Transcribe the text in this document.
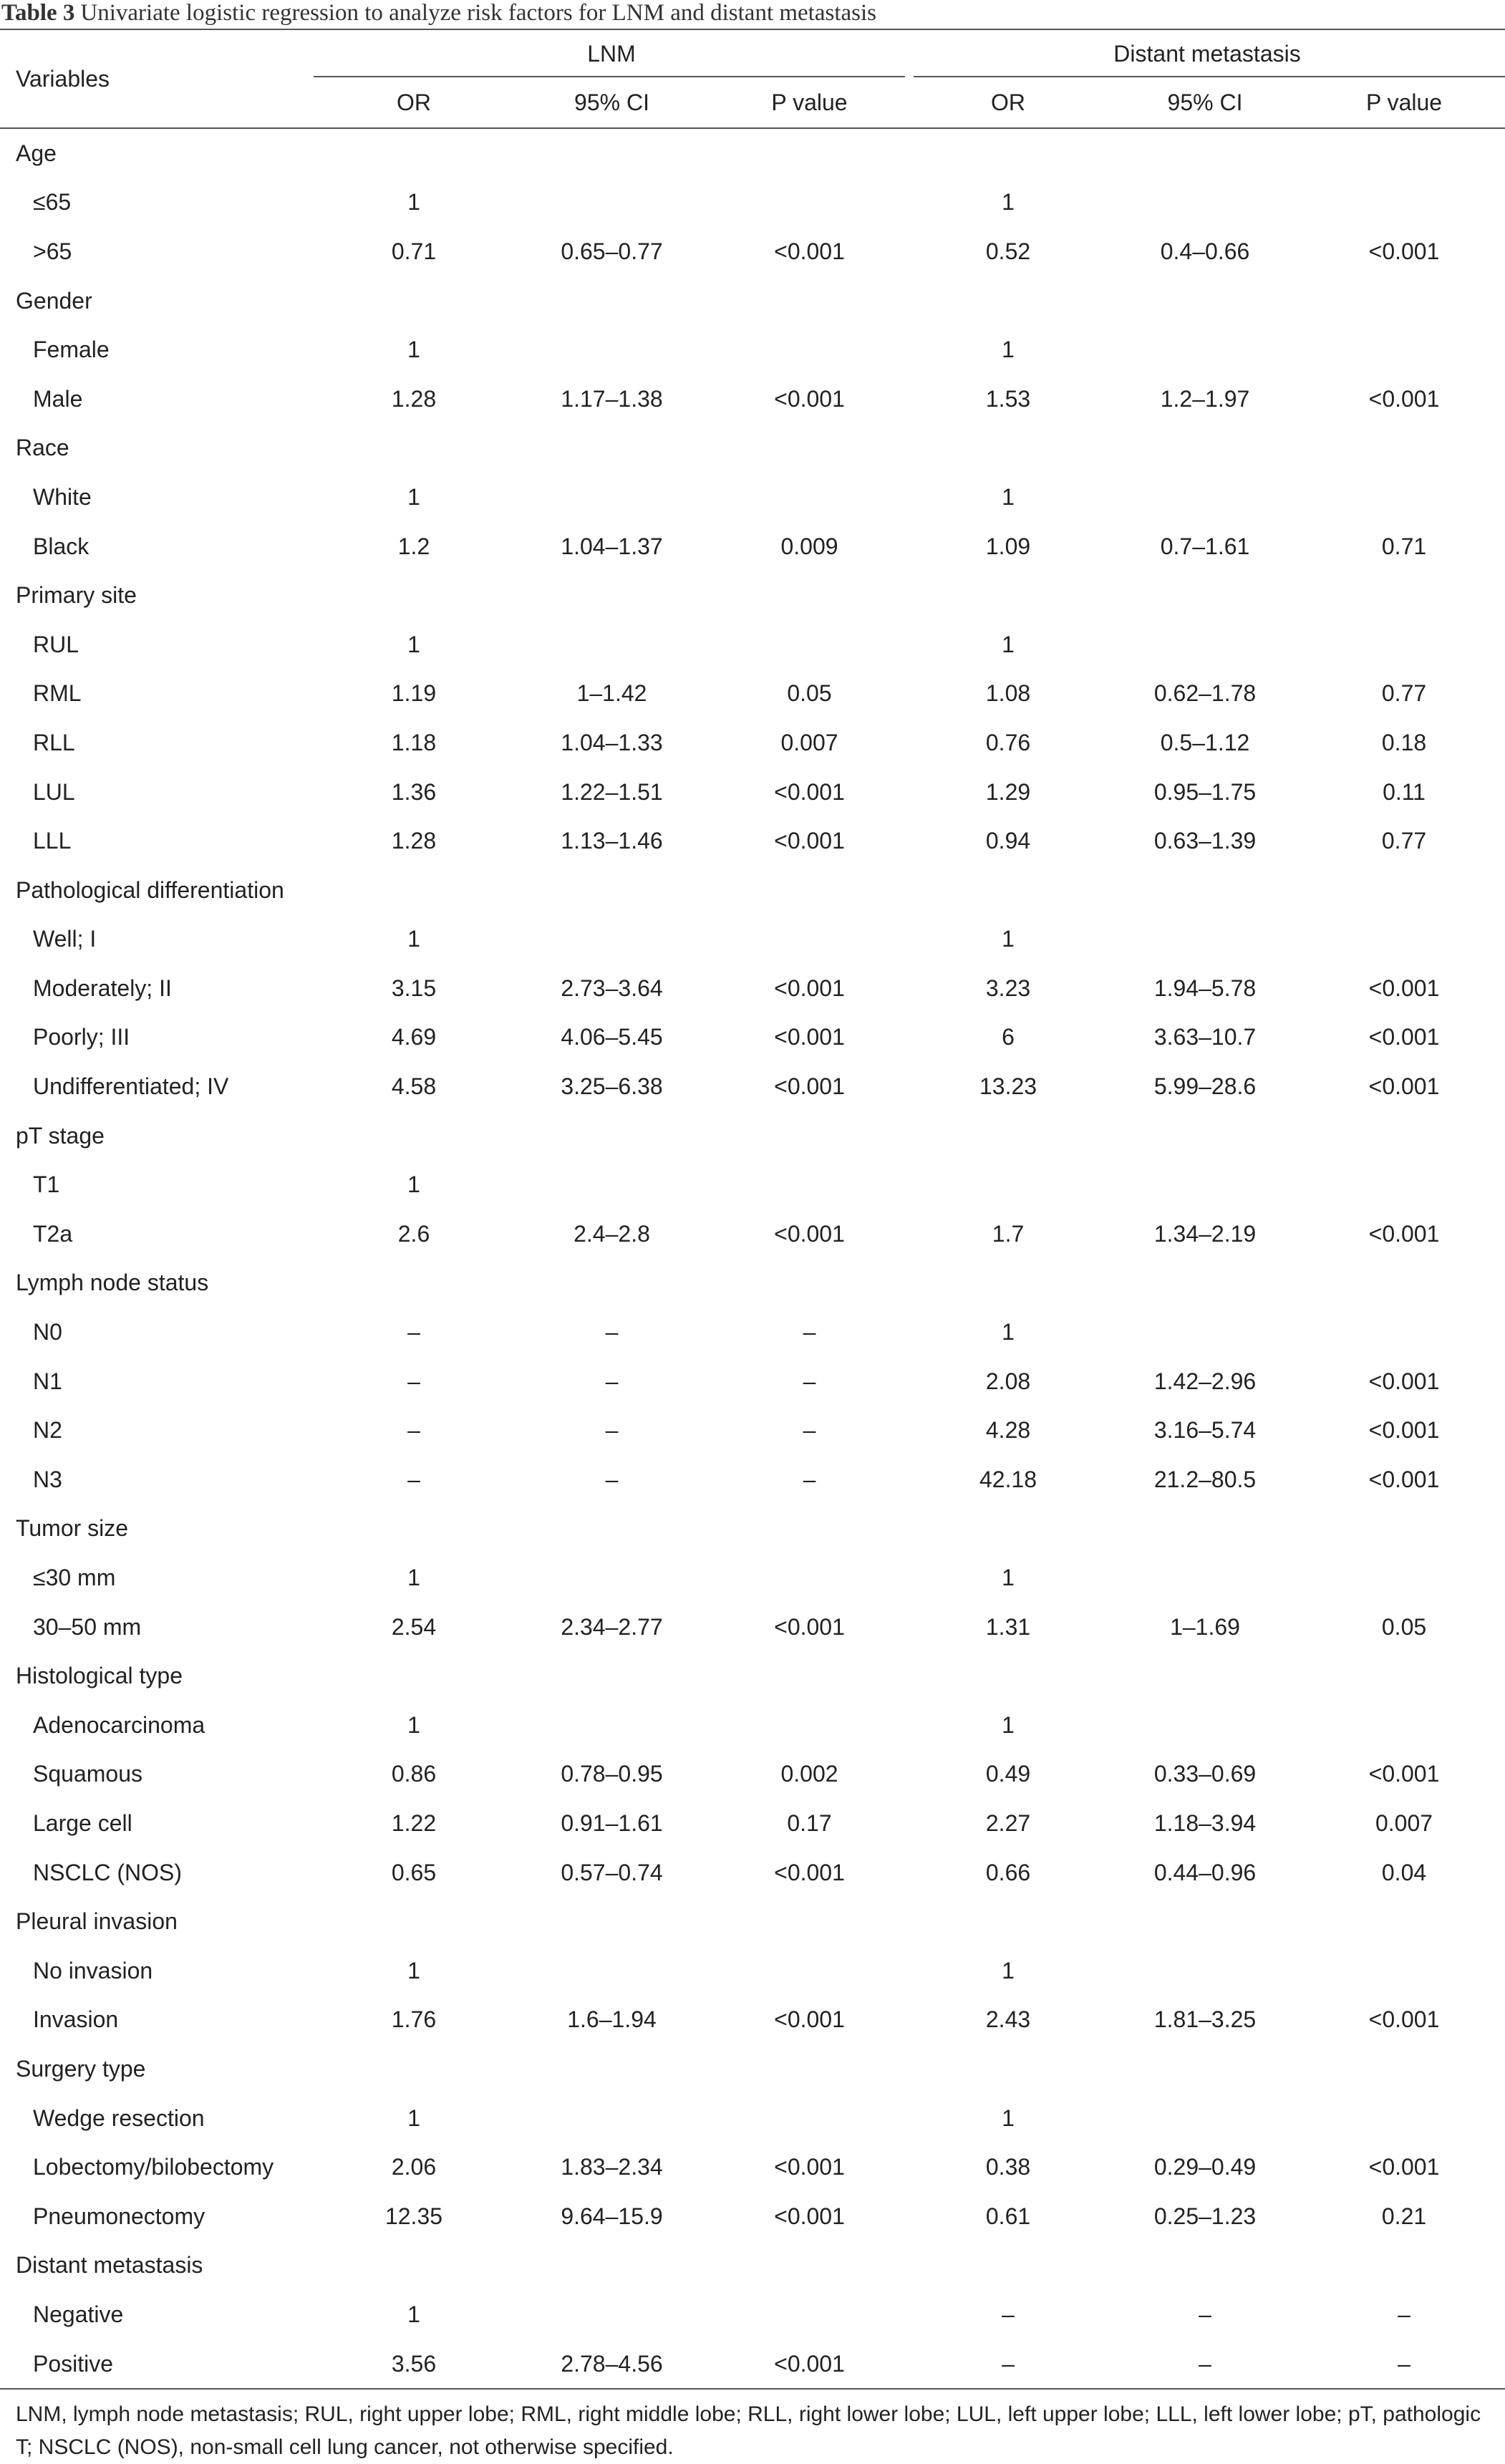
Table 3 Univariate logistic regression to analyze risk factors for LNM and distant metastasis
Variables	LNM			Distant metastasis		

	OR	95% CI	P value	OR	95% CI	P value
Age						
≤65	1			1		
>65	0.71	0.65–0.77	<0.001	0.52	0.4–0.66	<0.001
Gender						
Female	1			1		
Male	1.28	1.17–1.38	<0.001	1.53	1.2–1.97	<0.001
Race						
White	1			1		
Black	1.2	1.04–1.37	0.009	1.09	0.7–1.61	0.71
Primary site						
RUL	1			1		
RML	1.19	1–1.42	0.05	1.08	0.62–1.78	0.77
RLL	1.18	1.04–1.33	0.007	0.76	0.5–1.12	0.18
LUL	1.36	1.22–1.51	<0.001	1.29	0.95–1.75	0.11
LLL	1.28	1.13–1.46	<0.001	0.94	0.63–1.39	0.77
Pathological differentiation						
Well; I	1			1		
Moderately; II	3.15	2.73–3.64	<0.001	3.23	1.94–5.78	<0.001
Poorly; III	4.69	4.06–5.45	<0.001	6	3.63–10.7	<0.001
Undifferentiated; IV	4.58	3.25–6.38	<0.001	13.23	5.99–28.6	<0.001
pT stage						
T1	1					
T2a	2.6	2.4–2.8	<0.001	1.7	1.34–2.19	<0.001
Lymph node status						
N0	–	–	–	1		
N1	–	–	–	2.08	1.42–2.96	<0.001
N2	–	–	–	4.28	3.16–5.74	<0.001
N3	–	–	–	42.18	21.2–80.5	<0.001
Tumor size						
≤30 mm	1			1		
30–50 mm	2.54	2.34–2.77	<0.001	1.31	1–1.69	0.05
Histological type						
Adenocarcinoma	1			1		
Squamous	0.86	0.78–0.95	0.002	0.49	0.33–0.69	<0.001
Large cell	1.22	0.91–1.61	0.17	2.27	1.18–3.94	0.007
NSCLC (NOS)	0.65	0.57–0.74	<0.001	0.66	0.44–0.96	0.04
Pleural invasion						
No invasion	1			1		
Invasion	1.76	1.6–1.94	<0.001	2.43	1.81–3.25	<0.001
Surgery type						
Wedge resection	1			1		
Lobectomy/bilobectomy	2.06	1.83–2.34	<0.001	0.38	0.29–0.49	<0.001
Pneumonectomy	12.35	9.64–15.9	<0.001	0.61	0.25–1.23	0.21
Distant metastasis						
Negative	1			–	–	–
Positive	3.56	2.78–4.56	<0.001	–	–	–
LNM, lymph node metastasis; RUL, right upper lobe; RML, right middle lobe; RLL, right lower lobe; LUL, left upper lobe; LLL, left lower lobe; pT, pathologic T; NSCLC (NOS), non-small cell lung cancer, not otherwise specified.
